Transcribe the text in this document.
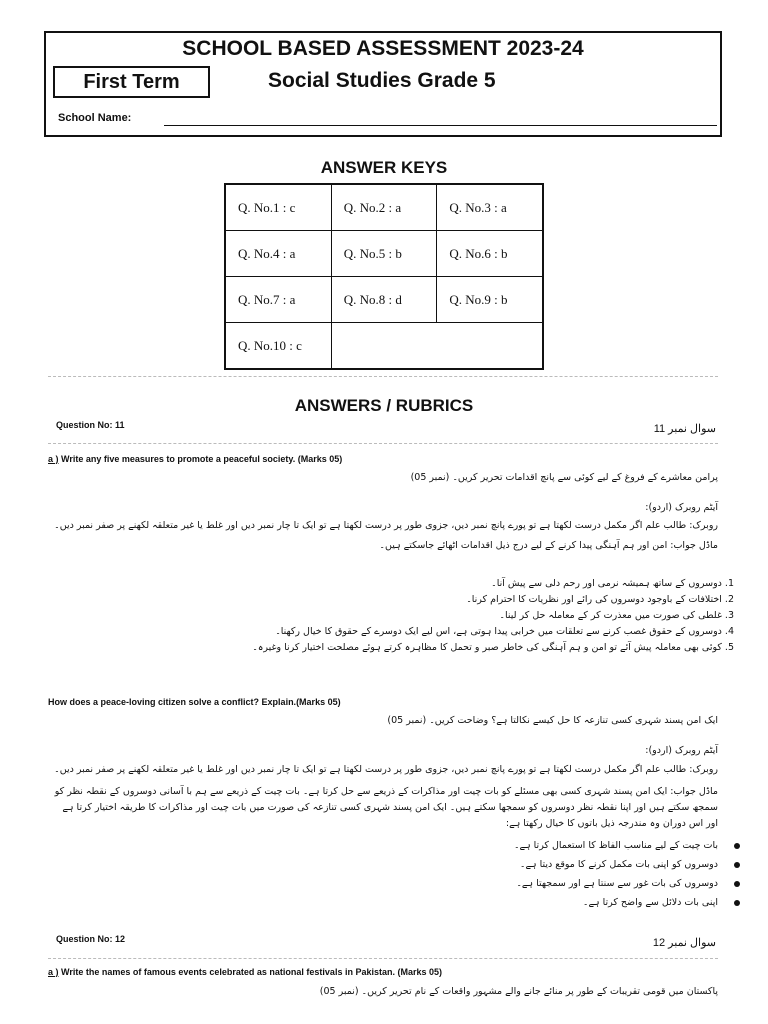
SCHOOL BASED ASSESSMENT 2023-24
First Term	Social Studies Grade 5
School Name:
ANSWER KEYS
Q. No.1 : c	Q. No.2 : a	Q. No.3 : a
Q. No.4 : a	Q. No.5 : b	Q. No.6 : b
Q. No.7 : a	Q. No.8 : d	Q. No.9 : b
Q. No.10 : c		
ANSWERS / RUBRICS
Question No: 11	سوال نمبر 11
a ) Write any five measures to promote a peaceful society. (Marks 05)
پرامن معاشرے کے فروغ کے لیے کوئی سے پانچ اقدامات تحریر کریں۔ (نمبر 05)
آیٹم روبرک (اردو):
روبرک: طالب علم اگر مکمل درست لکھتا ہے تو پورے پانچ نمبر دیں، جزوی طور پر درست لکھتا ہے تو ایک تا چار نمبر دیں اور غلط یا غیر متعلقہ لکھنے پر صفر نمبر دیں۔
ماڈل جواب: امن اور ہم آہنگی پیدا کرنے کے لیے درج ذیل اقدامات اٹھائے جاسکتے ہیں۔
1. دوسروں کے ساتھ ہمیشہ نرمی اور رحم دلی سے پیش آنا۔
2. اختلافات کے باوجود دوسروں کی رائے اور نظریات کا احترام کرنا۔
3. غلطی کی صورت میں معذرت کر کے معاملہ حل کر لینا۔
4. دوسروں کے حقوق غصب کرنے سے تعلقات میں خرابی پیدا ہوتی ہے، اس لیے ایک دوسرے کے حقوق کا خیال رکھنا۔
5. کوئی بھی معاملہ پیش آئے تو امن و ہم آہنگی کی خاطر صبر و تحمل کا مظاہرہ کرتے ہوئے مصلحت اختیار کرنا وغیرہ۔
How does a peace-loving citizen solve a conflict? Explain.(Marks 05)
ایک امن پسند شہری کسی تنازعہ کا حل کیسے نکالتا ہے؟ وضاحت کریں۔ (نمبر 05)
آیٹم روبرک (اردو):
روبرک: طالب علم اگر مکمل درست لکھتا ہے تو پورے پانچ نمبر دیں، جزوی طور پر درست لکھتا ہے تو ایک تا چار نمبر دیں اور غلط یا غیر متعلقہ لکھنے پر صفر نمبر دیں۔
ماڈل جواب: ایک امن پسند شہری کسی بھی مسئلے کو بات چیت اور مذاکرات کے ذریعے سے حل کرتا ہے۔ بات چیت کے ذریعے سے ہم با آسانی دوسروں کے نقطہ نظر کو سمجھ سکتے ہیں اور اپنا نقطہ نظر دوسروں کو سمجھا سکتے ہیں۔ ایک امن پسند شہری کسی تنازعہ کی صورت میں بات چیت اور مذاکرات کا طریقہ اختیار کرتا ہے اور اس دوران وہ مندرجہ ذیل باتوں کا خیال رکھتا ہے:
بات چیت کے لیے مناسب الفاظ کا استعمال کرتا ہے۔
دوسروں کو اپنی بات مکمل کرنے کا موقع دیتا ہے۔
دوسروں کی بات غور سے سنتا ہے اور سمجھتا ہے۔
اپنی بات دلائل سے واضح کرتا ہے۔
Question No: 12	سوال نمبر 12
a ) Write the names of famous events celebrated as national festivals in Pakistan. (Marks 05)
پاکستان میں قومی تقریبات کے طور پر منائے جانے والے مشہور واقعات کے نام تحریر کریں۔ (نمبر 05)
